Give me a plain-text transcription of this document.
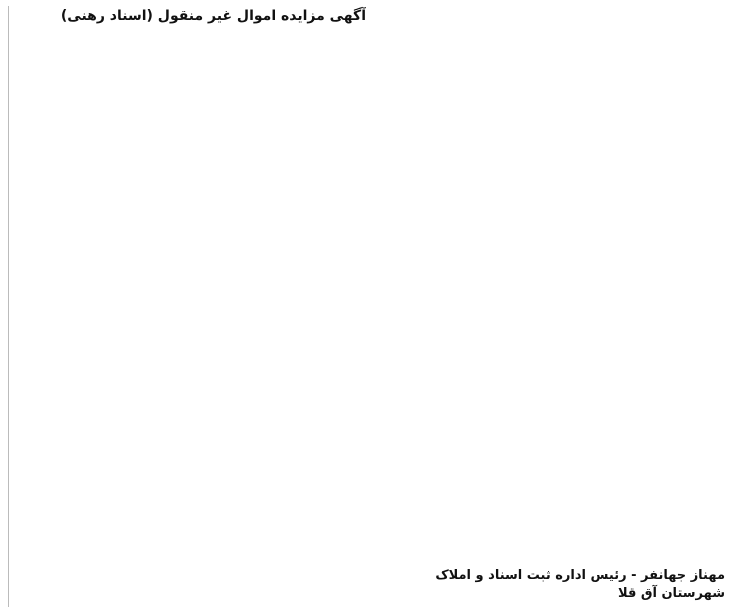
آگهی مزایده اموال غیر منقول (اسناد رهنی)

مهناز جهانفر - رئیس اداره ثبت اسناد و املاک شهرستان آق قلا
